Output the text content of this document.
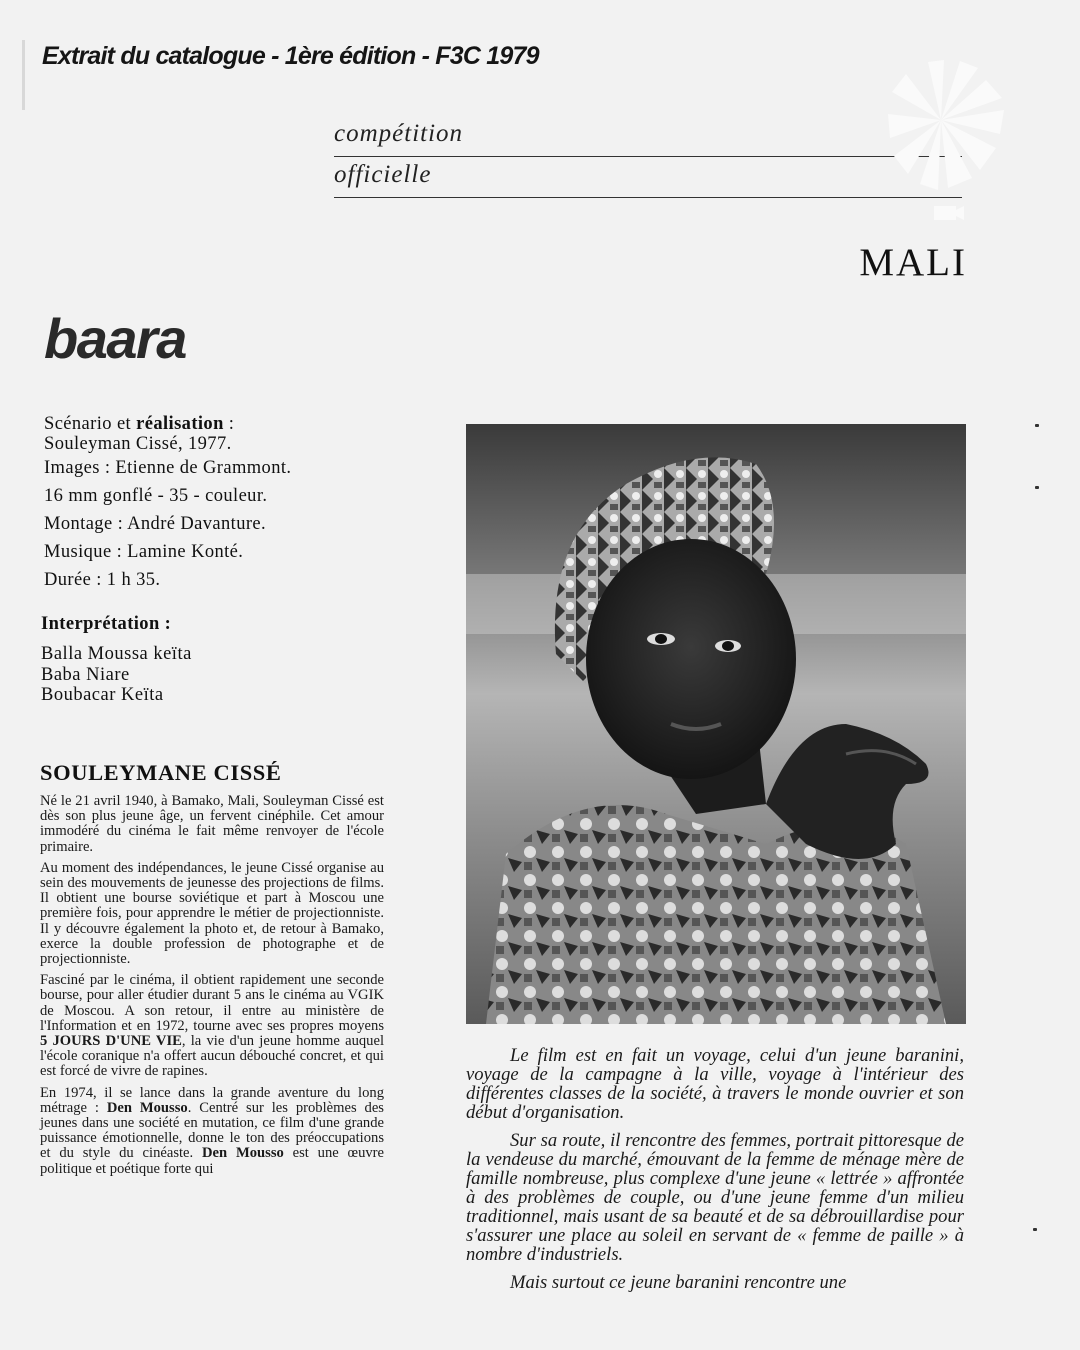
Extrait du catalogue - 1ère édition - F3C 1979
compétition
officielle
MALI
baara
Scénario et réalisation :
Souleyman Cissé, 1977.
Images : Etienne de Grammont.
16 mm gonflé - 35 - couleur.
Montage : André Davanture.
Musique : Lamine Konté.
Durée : 1 h 35.
Interprétation :
Balla Moussa keïta
Baba Niare
Boubacar Keïta
SOULEYMANE CISSÉ

Né le 21 avril 1940, à Bamako, Mali, Souleyman Cissé est dès son plus jeune âge, un fervent cinéphile. Cet amour immodéré du cinéma le fait même renvoyer de l'école primaire.

Au moment des indépendances, le jeune Cissé organise au sein des mouvements de jeunesse des projections de films. Il obtient une bourse soviétique et part à Moscou une première fois, pour apprendre le métier de projectionniste. Il y découvre également la photo et, de retour à Bamako, exerce la double profession de photographe et de projectionniste.

Fasciné par le cinéma, il obtient rapidement une seconde bourse, pour aller étudier durant 5 ans le cinéma au VGIK de Moscou. A son retour, il entre au ministère de l'Information et en 1972, tourne avec ses propres moyens 5 JOURS D'UNE VIE, la vie d'un jeune homme auquel l'école coranique n'a offert aucun débouché concret, et qui est forcé de vivre de rapines.

En 1974, il se lance dans la grande aventure du long métrage : Den Mousso. Centré sur les problèmes des jeunes dans une société en mutation, ce film d'une grande puissance émotionnelle, donne le ton des préoccupations et du style du cinéaste. Den Mousso est une œuvre politique et poétique forte qui

Le film est en fait un voyage, celui d'un jeune baranini, voyage de la campagne à la ville, voyage à l'intérieur des différentes classes de la société, à travers le monde ouvrier et son début d'organisation.

Sur sa route, il rencontre des femmes, portrait pittoresque de la vendeuse du marché, émouvant de la femme de ménage mère de famille nombreuse, plus complexe d'une jeune « lettrée » affrontée à des problèmes de couple, ou d'une jeune femme d'un milieu traditionnel, mais usant de sa beauté et de sa débrouillardise pour s'assurer une place au soleil en servant de « femme de paille » à nombre d'industriels.

Mais surtout ce jeune baranini rencontre une
